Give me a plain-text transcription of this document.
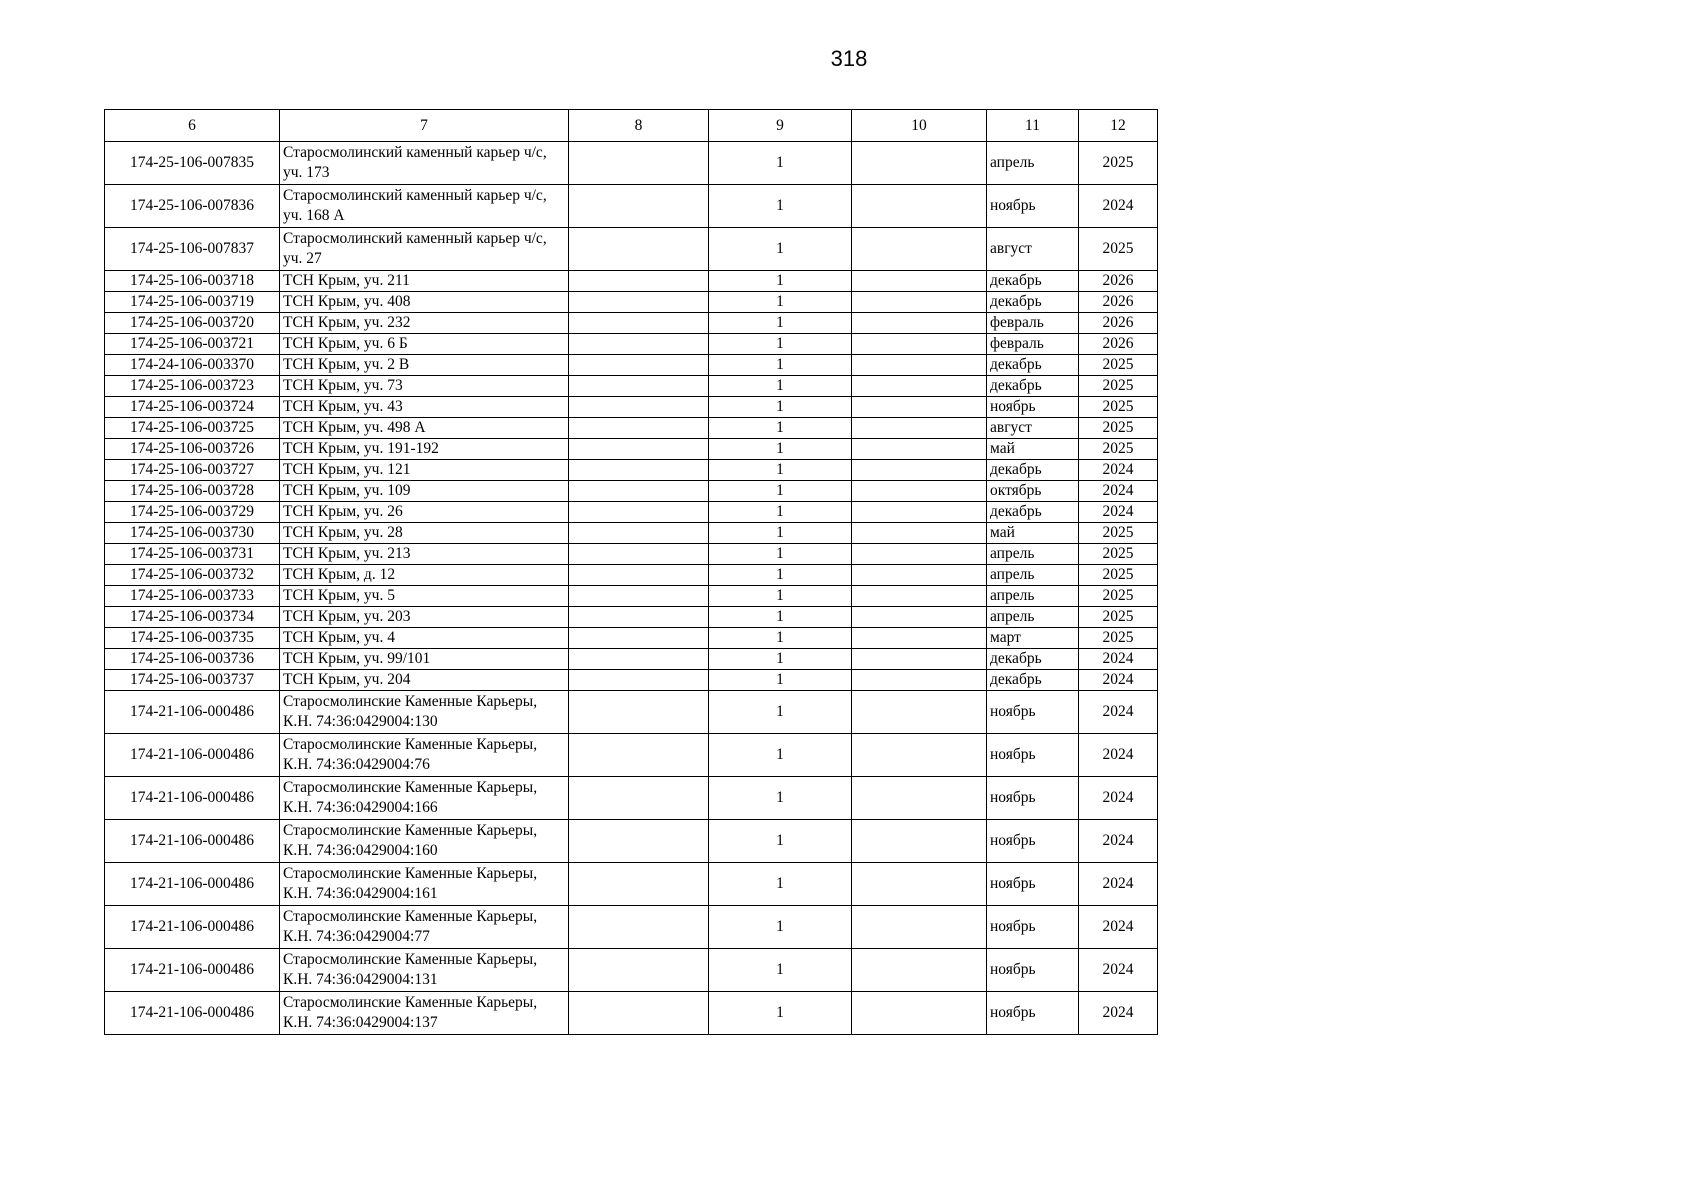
318
6	7	8	9	10	11	12
174-25-106-007835	Старосмолинский каменный карьер ч/с, уч. 173		1		апрель	2025
174-25-106-007836	Старосмолинский каменный карьер ч/с, уч. 168 А		1		ноябрь	2024
174-25-106-007837	Старосмолинский каменный карьер ч/с, уч. 27		1		август	2025
174-25-106-003718	ТСН Крым, уч. 211		1		декабрь	2026
174-25-106-003719	ТСН Крым, уч. 408		1		декабрь	2026
174-25-106-003720	ТСН Крым, уч. 232		1		февраль	2026
174-25-106-003721	ТСН Крым, уч. 6 Б		1		февраль	2026
174-24-106-003370	ТСН Крым, уч. 2 В		1		декабрь	2025
174-25-106-003723	ТСН Крым, уч. 73		1		декабрь	2025
174-25-106-003724	ТСН Крым, уч. 43		1		ноябрь	2025
174-25-106-003725	ТСН Крым, уч. 498 А		1		август	2025
174-25-106-003726	ТСН Крым, уч. 191-192		1		май	2025
174-25-106-003727	ТСН Крым, уч. 121		1		декабрь	2024
174-25-106-003728	ТСН Крым, уч. 109		1		октябрь	2024
174-25-106-003729	ТСН Крым, уч. 26		1		декабрь	2024
174-25-106-003730	ТСН Крым, уч. 28		1		май	2025
174-25-106-003731	ТСН Крым, уч. 213		1		апрель	2025
174-25-106-003732	ТСН Крым, д. 12		1		апрель	2025
174-25-106-003733	ТСН Крым, уч. 5		1		апрель	2025
174-25-106-003734	ТСН Крым, уч. 203		1		апрель	2025
174-25-106-003735	ТСН Крым, уч. 4		1		март	2025
174-25-106-003736	ТСН Крым, уч. 99/101		1		декабрь	2024
174-25-106-003737	ТСН Крым, уч. 204		1		декабрь	2024
174-21-106-000486	Старосмолинские Каменные Карьеры, К.Н. 74:36:0429004:130		1		ноябрь	2024
174-21-106-000486	Старосмолинские Каменные Карьеры, К.Н. 74:36:0429004:76		1		ноябрь	2024
174-21-106-000486	Старосмолинские Каменные Карьеры, К.Н. 74:36:0429004:166		1		ноябрь	2024
174-21-106-000486	Старосмолинские Каменные Карьеры, К.Н. 74:36:0429004:160		1		ноябрь	2024
174-21-106-000486	Старосмолинские Каменные Карьеры, К.Н. 74:36:0429004:161		1		ноябрь	2024
174-21-106-000486	Старосмолинские Каменные Карьеры, К.Н. 74:36:0429004:77		1		ноябрь	2024
174-21-106-000486	Старосмолинские Каменные Карьеры, К.Н. 74:36:0429004:131		1		ноябрь	2024
174-21-106-000486	Старосмолинские Каменные Карьеры, К.Н. 74:36:0429004:137		1		ноябрь	2024
